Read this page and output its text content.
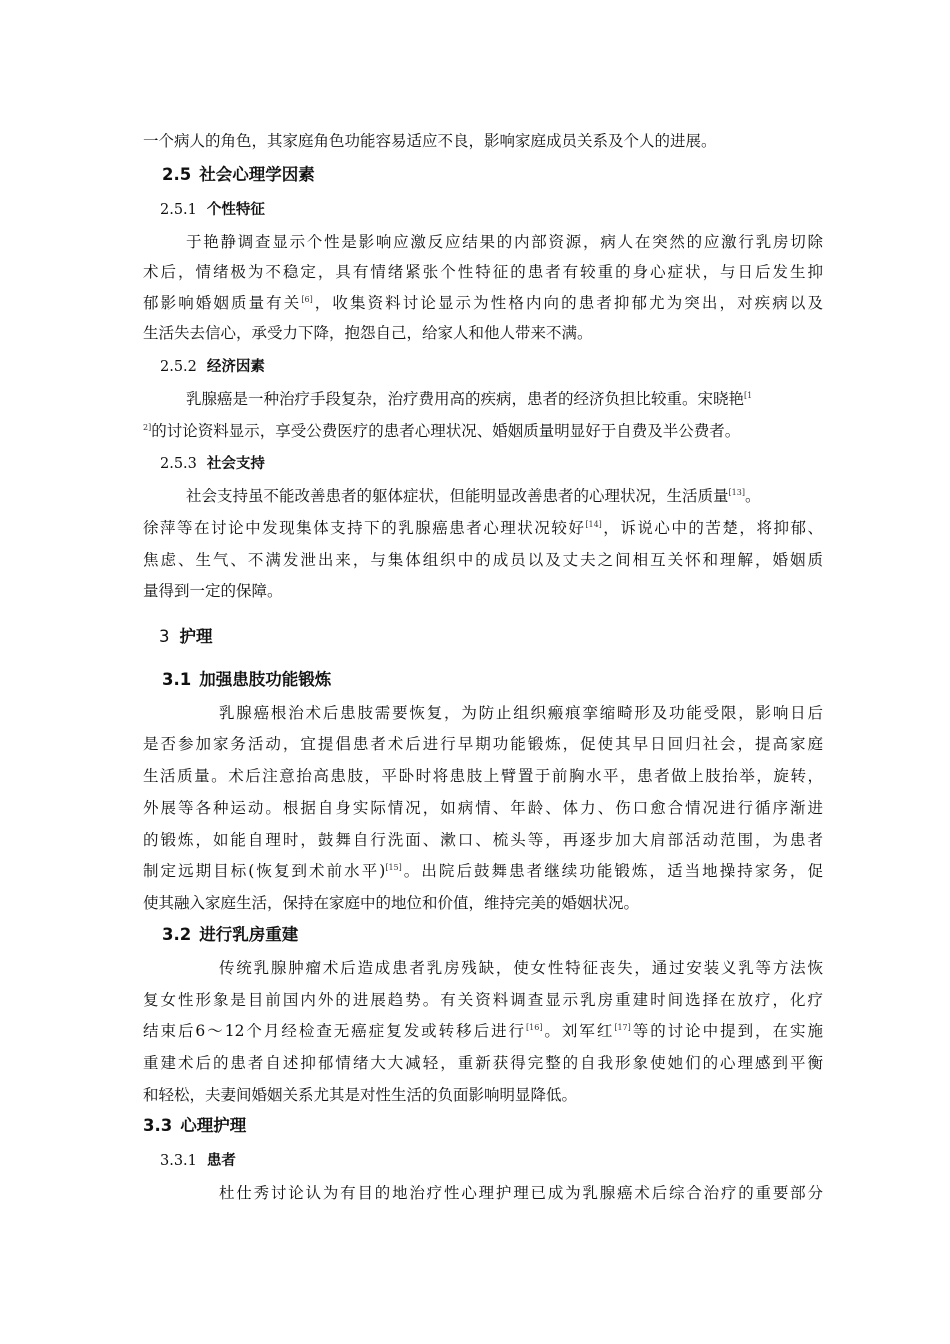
一个病人的角色，其家庭角色功能容易适应不良，影响家庭成员关系及个人的进展。
2.5 社会心理学因素
2.5.1 个性特征
于艳静调查显示个性是影响应激反应结果的内部资源，病人在突然的应激行乳房切除
术后，情绪极为不稳定，具有情绪紧张个性特征的患者有较重的身心症状，与日后发生抑
郁影响婚姻质量有关[6]，收集资料讨论显示为性格内向的患者抑郁尤为突出，对疾病以及
生活失去信心，承受力下降，抱怨自己，给家人和他人带来不满。
2.5.2 经济因素
乳腺癌是一种治疗手段复杂，治疗费用高的疾病，患者的经济负担比较重。宋晓艳$^{[1}$
$^{2]}$的讨论资料显示，享受公费医疗的患者心理状况、婚姻质量明显好于自费及半公费者。
2.5.3 社会支持
社会支持虽不能改善患者的躯体症状，但能明显改善患者的心理状况，生活质量[13]。
徐萍等在讨论中发现集体支持下的乳腺癌患者心理状况较好[14]，诉说心中的苦楚，将抑郁、
焦虑、生气、不满发泄出来，与集体组织中的成员以及丈夫之间相互关怀和理解，婚姻质
量得到一定的保障。
3 护理
3.1 加强患肢功能锻炼
乳腺癌根治术后患肢需要恢复，为防止组织瘢痕挛缩畸形及功能受限，影响日后
是否参加家务活动，宜提倡患者术后进行早期功能锻炼，促使其早日回归社会，提高家庭
生活质量。术后注意抬高患肢，平卧时将患肢上臂置于前胸水平，患者做上肢抬举，旋转，
外展等各种运动。根据自身实际情况，如病情、年龄、体力、伤口愈合情况进行循序渐进
的锻炼，如能自理时，鼓舞自行洗面、漱口、梳头等，再逐步加大肩部活动范围，为患者
制定远期目标(恢复到术前水平)[15]。出院后鼓舞患者继续功能锻炼，适当地操持家务，促
使其融入家庭生活，保持在家庭中的地位和价值，维持完美的婚姻状况。
3.2 进行乳房重建
传统乳腺肿瘤术后造成患者乳房残缺，使女性特征丧失，通过安装义乳等方法恢
复女性形象是目前国内外的进展趋势。有关资料调查显示乳房重建时间选择在放疗，化疗
结束后6～12个月经检查无癌症复发或转移后进行[16]。刘军红[17]等的讨论中提到，在实施
重建术后的患者自述抑郁情绪大大减轻，重新获得完整的自我形象使她们的心理感到平衡
和轻松，夫妻间婚姻关系尤其是对性生活的负面影响明显降低。
3.3 心理护理
3.3.1 患者
杜仕秀讨论认为有目的地治疗性心理护理已成为乳腺癌术后综合治疗的重要部分
